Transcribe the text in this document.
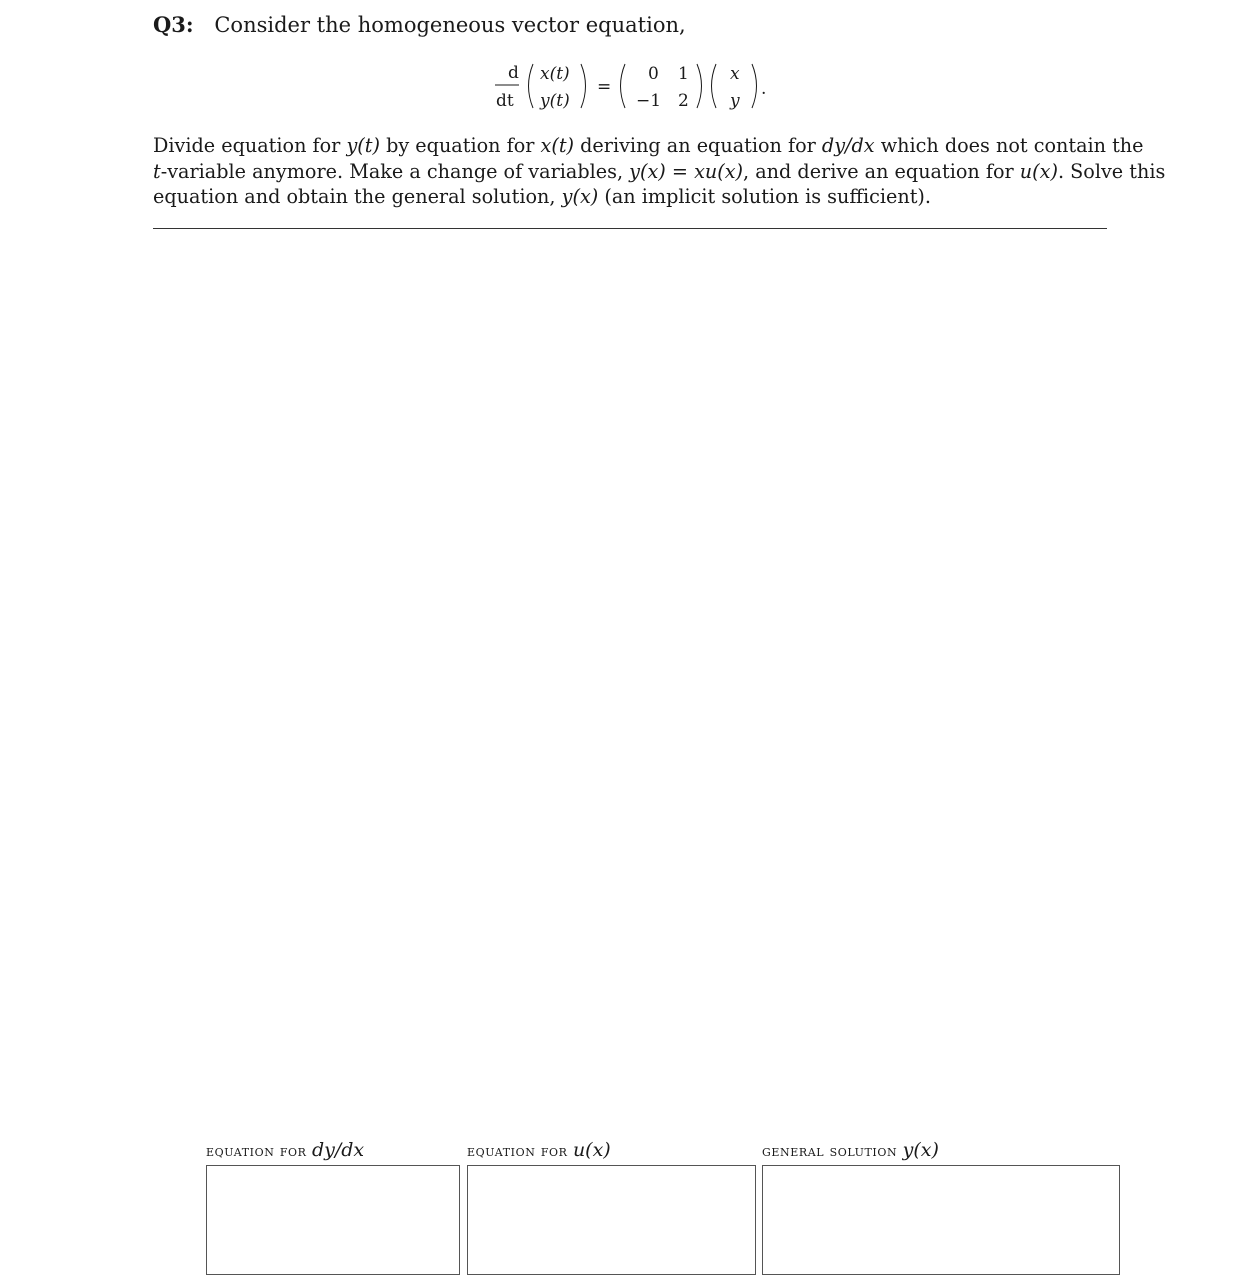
Q3: Consider the homogeneous vector equation,
d
dt
x(t)
y(t)
=
0 1
−1 2
x
y
.
Divide equation for y(t) by equation for x(t) deriving an equation for dy/dx which does not contain the
t-variable anymore. Make a change of variables, y(x) = xu(x), and derive an equation for u(x). Solve this
equation and obtain the general solution, y(x) (an implicit solution is sufficient).
equation for dy/dx	equation for u(x)	general solution y(x)
